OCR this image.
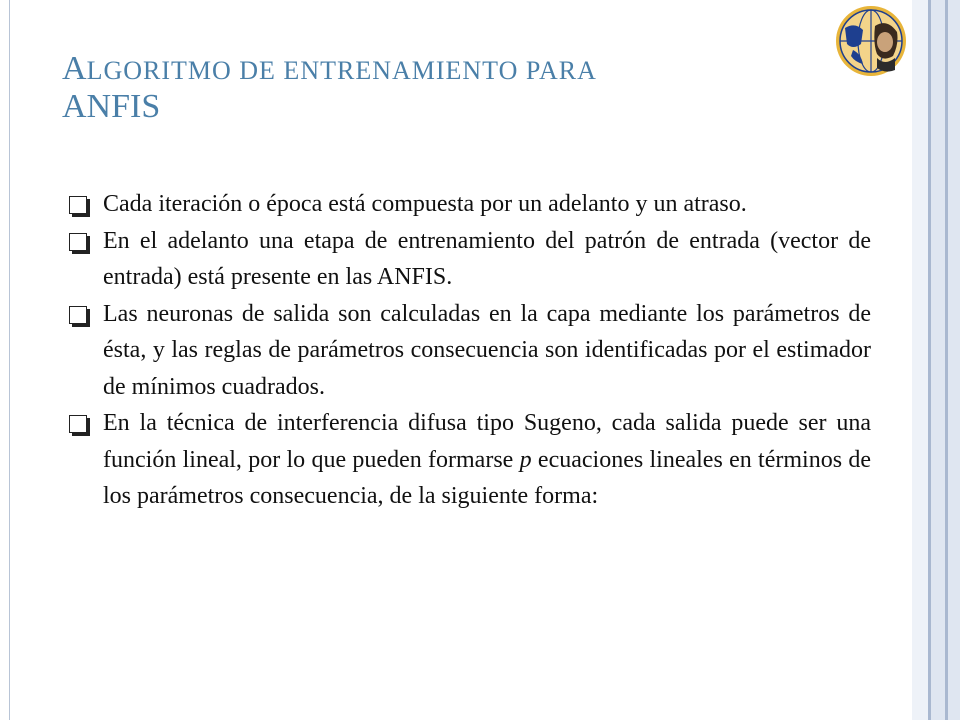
ALGORITMO DE ENTRENAMIENTO PARA
ANFIS
Cada iteración o época está compuesta por un adelanto y un atraso.
En el adelanto una etapa de entrenamiento del patrón de entrada (vector de entrada) está presente en las ANFIS.
Las neuronas de salida son calculadas en la capa mediante los parámetros de ésta, y las reglas de parámetros consecuencia son identificadas por el estimador de mínimos cuadrados.
En la técnica de interferencia difusa tipo Sugeno, cada salida puede ser una función lineal, por lo que pueden formarse p ecuaciones lineales en términos de los parámetros consecuencia, de la siguiente forma:
